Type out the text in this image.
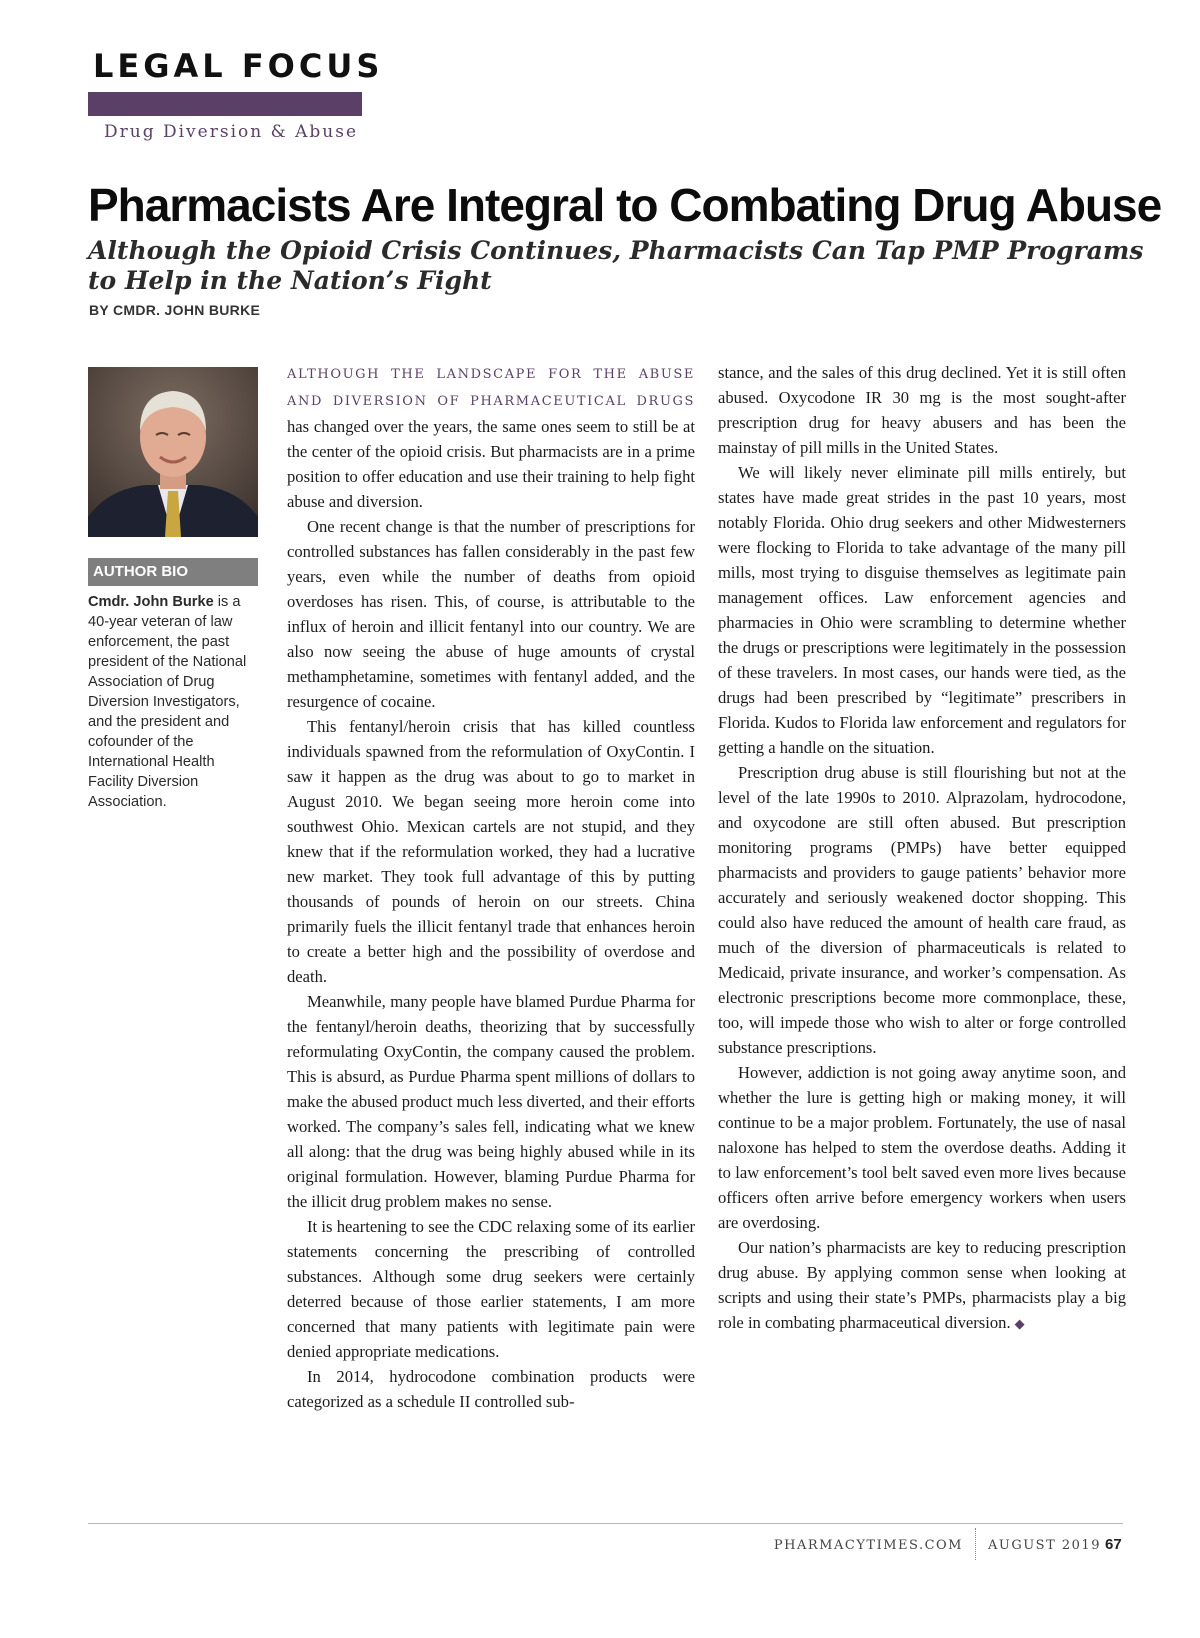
LEGAL FOCUS
Drug Diversion & Abuse
Pharmacists Are Integral to Combating Drug Abuse
Although the Opioid Crisis Continues, Pharmacists Can Tap PMP Programs to Help in the Nation’s Fight
BY CMDR. JOHN BURKE
AUTHOR BIO
Cmdr. John Burke is a 40-year veteran of law enforcement, the past president of the National Association of Drug Diversion Investigators, and the president and cofounder of the International Health Facility Diversion Association.

ALTHOUGH THE LANDSCAPE FOR THE ABUSE AND DIVERSION OF PHARMACEUTICAL DRUGS has changed over the years, the same ones seem to still be at the center of the opioid crisis. But pharmacists are in a prime position to offer education and use their training to help fight abuse and diversion.

One recent change is that the number of prescriptions for controlled substances has fallen considerably in the past few years, even while the number of deaths from opioid overdoses has risen. This, of course, is attributable to the influx of heroin and illicit fentanyl into our country. We are also now seeing the abuse of huge amounts of crystal methamphetamine, sometimes with fentanyl added, and the resurgence of cocaine.

This fentanyl/heroin crisis that has killed countless individuals spawned from the reformulation of OxyContin. I saw it happen as the drug was about to go to market in August 2010. We began seeing more heroin come into southwest Ohio. Mexican cartels are not stupid, and they knew that if the reformulation worked, they had a lucrative new market. They took full advantage of this by putting thousands of pounds of heroin on our streets. China primarily fuels the illicit fentanyl trade that enhances heroin to create a better high and the possibility of overdose and death.

Meanwhile, many people have blamed Purdue Pharma for the fentanyl/heroin deaths, theorizing that by successfully reformulating OxyContin, the company caused the problem. This is absurd, as Purdue Pharma spent millions of dollars to make the abused product much less diverted, and their efforts worked. The company’s sales fell, indicating what we knew all along: that the drug was being highly abused while in its original formulation. However, blaming Purdue Pharma for the illicit drug problem makes no sense.

It is heartening to see the CDC relaxing some of its earlier statements concerning the prescribing of controlled substances. Although some drug seekers were certainly deterred because of those earlier statements, I am more concerned that many patients with legitimate pain were denied appropriate medications.

In 2014, hydrocodone combination products were categorized as a schedule II controlled sub-

stance, and the sales of this drug declined. Yet it is still often abused. Oxycodone IR 30 mg is the most sought-after prescription drug for heavy abusers and has been the mainstay of pill mills in the United States.

We will likely never eliminate pill mills entirely, but states have made great strides in the past 10 years, most notably Florida. Ohio drug seekers and other Midwesterners were flocking to Florida to take advantage of the many pill mills, most trying to disguise themselves as legitimate pain management offices. Law enforcement agencies and pharmacies in Ohio were scrambling to determine whether the drugs or prescriptions were legitimately in the possession of these travelers. In most cases, our hands were tied, as the drugs had been prescribed by “legitimate” prescribers in Florida. Kudos to Florida law enforcement and regulators for getting a handle on the situation.

Prescription drug abuse is still flourishing but not at the level of the late 1990s to 2010. Alprazolam, hydrocodone, and oxycodone are still often abused. But prescription monitoring programs (PMPs) have better equipped pharmacists and providers to gauge patients’ behavior more accurately and seriously weakened doctor shopping. This could also have reduced the amount of health care fraud, as much of the diversion of pharmaceuticals is related to Medicaid, private insurance, and worker’s compensation. As electronic prescriptions become more commonplace, these, too, will impede those who wish to alter or forge controlled substance prescriptions.

However, addiction is not going away anytime soon, and whether the lure is getting high or making money, it will continue to be a major problem. Fortunately, the use of nasal naloxone has helped to stem the overdose deaths. Adding it to law enforcement’s tool belt saved even more lives because officers often arrive before emergency workers when users are overdosing.

Our nation’s pharmacists are key to reducing prescription drug abuse. By applying common sense when looking at scripts and using their state’s PMPs, pharmacists play a big role in combating pharmaceutical diversion. ◆

PHARMACYTIMES.COM AUGUST 2019 67
